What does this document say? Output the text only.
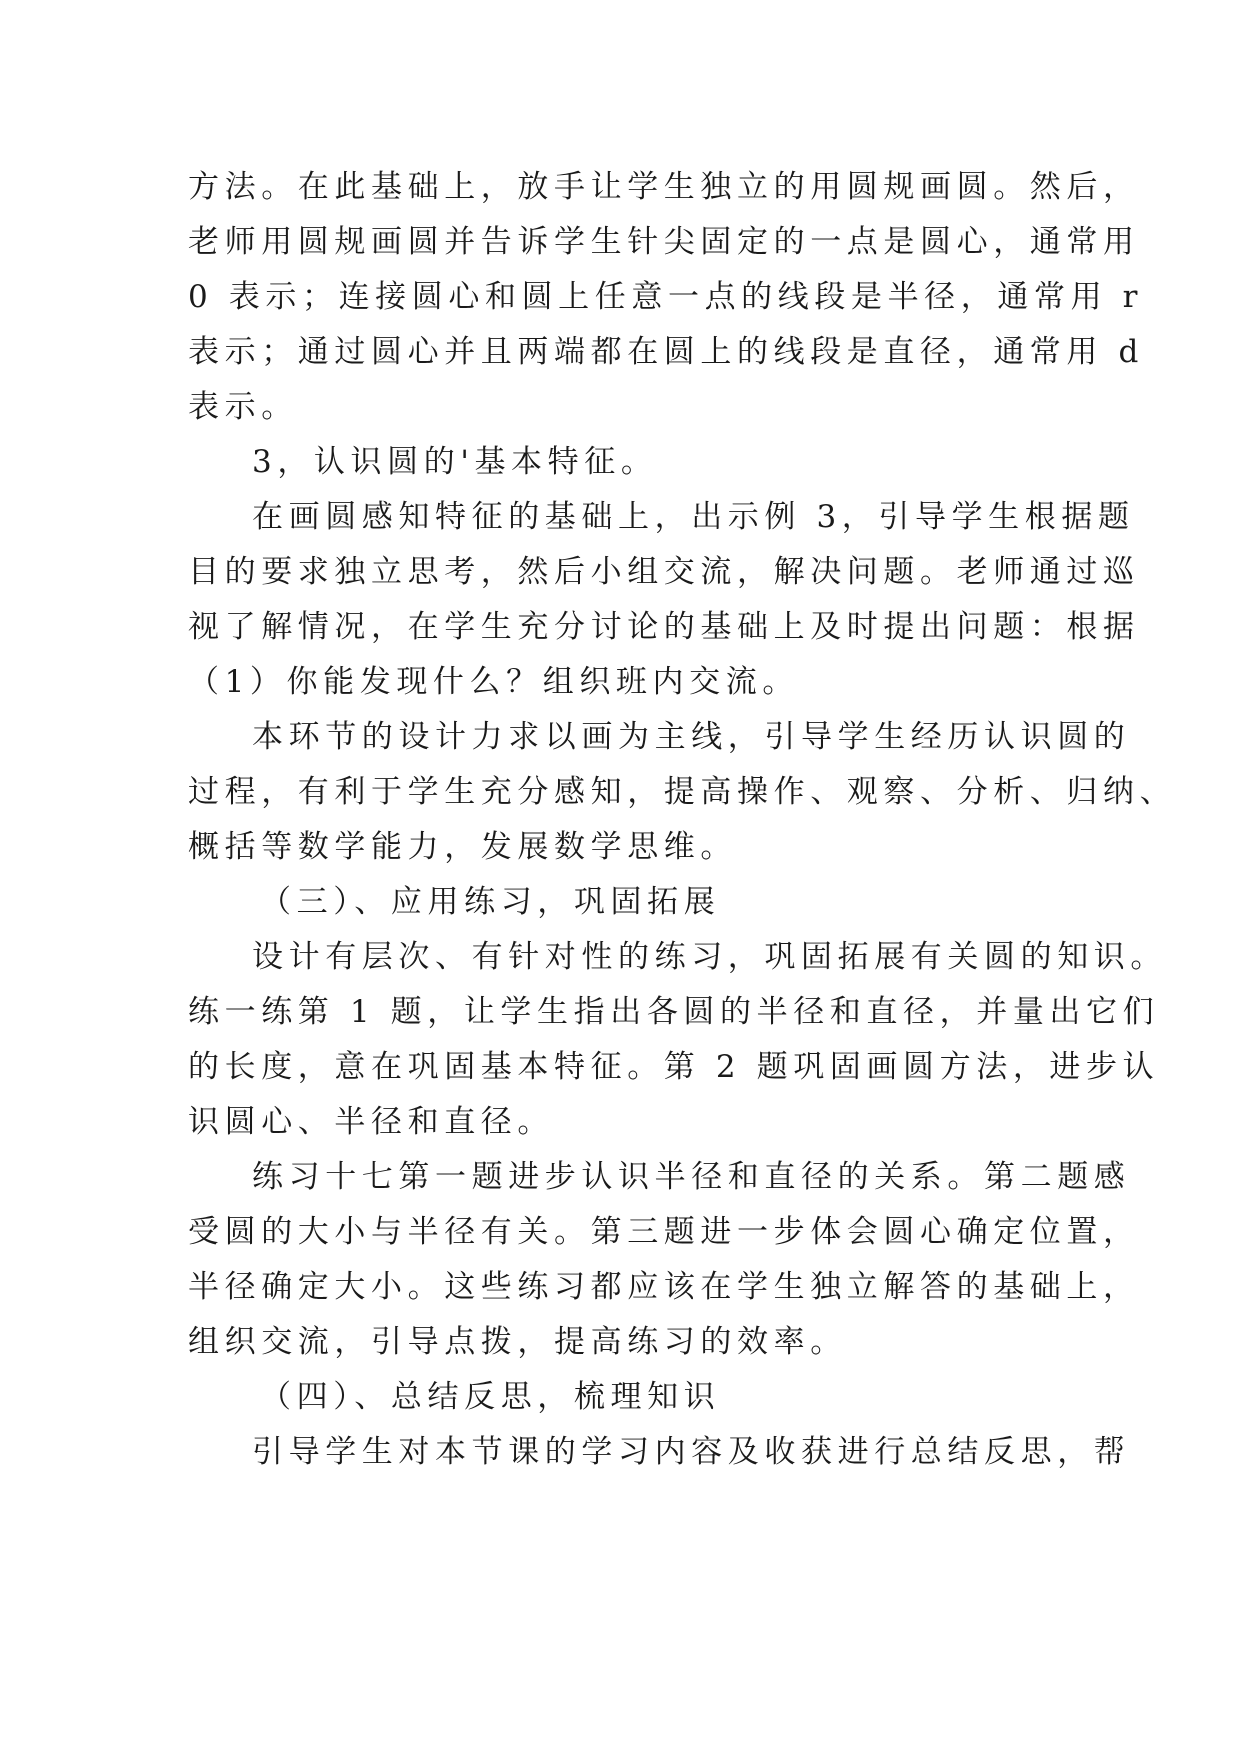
方法。在此基础上，放手让学生独立的用圆规画圆。然后，
老师用圆规画圆并告诉学生针尖固定的一点是圆心，通常用
0 表示；连接圆心和圆上任意一点的线段是半径，通常用 r
表示；通过圆心并且两端都在圆上的线段是直径，通常用 d
表示。
3，认识圆的'基本特征。
在画圆感知特征的基础上，出示例 3，引导学生根据题
目的要求独立思考，然后小组交流，解决问题。老师通过巡
视了解情况，在学生充分讨论的基础上及时提出问题：根据
（1）你能发现什么？组织班内交流。
本环节的设计力求以画为主线，引导学生经历认识圆的
过程，有利于学生充分感知，提高操作、观察、分析、归纳、
概括等数学能力，发展数学思维。
（三）、应用练习，巩固拓展
设计有层次、有针对性的练习，巩固拓展有关圆的知识。
练一练第 1 题，让学生指出各圆的半径和直径，并量出它们
的长度，意在巩固基本特征。第 2 题巩固画圆方法，进步认
识圆心、半径和直径。
练习十七第一题进步认识半径和直径的关系。第二题感
受圆的大小与半径有关。第三题进一步体会圆心确定位置，
半径确定大小。这些练习都应该在学生独立解答的基础上，
组织交流，引导点拨，提高练习的效率。
（四）、总结反思，梳理知识
引导学生对本节课的学习内容及收获进行总结反思，帮
